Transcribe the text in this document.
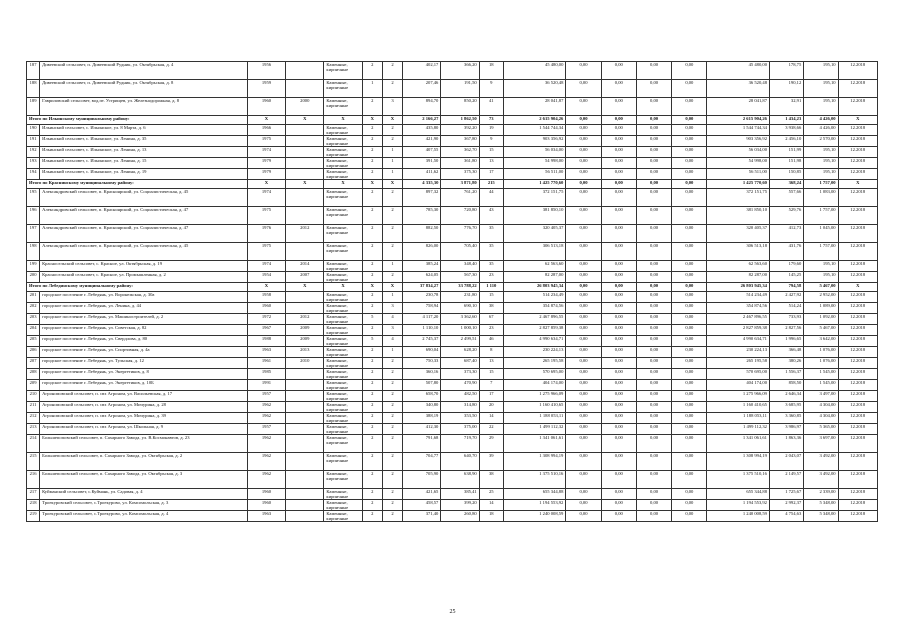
187	Дивеевский сельсовет, п. Дивеевский Рудник, ул. Октябрьская, д. 4	1956		Каменные, кирпичные	2	2	402,17	366,20	18	45 480,00	0,00	0,00	0,00	0,00	45 480,00	178,75	195,10	12.2018
188	Дивеевский сельсовет, п. Дивеевский Рудник, ул. Октябрьская, д. 8	1959		Каменные, кирпичные	1	2	207,46	191,50	9	36 520,48	0,00	0,00	0,00	0,00	36 520,48	190,12	195,10	12.2018
189	Гавриловский сельсовет, вод.пт. Устрищев, ул. Железнодорожная, д. 8	1960	2000	Каменные, кирпичные	2	3	894,70	850,20	41	28 041,87	0,00	0,00	0,00	0,00	28 041,87	32,91	195,10	12.2018
Итого по Ильинскому муниципальному району:		X	X	X	X	X	2 166,27	1 862,50	73	2 615 904,26	0,00	0,00	0,00	0,00	2 615 904,26	1 434,23	4 426,00	X
190	Ильинский сельсовет, с. Ильинское, ул. 8 Марта, д. 6	1966		Каменные, кирпичные	2	2	435,80	392,20	19	1 544 744,34	0,00	0,00	0,00	0,00	1 544 744,34	3 938,66	4 426,00	12.2018
191	Ильинский сельсовет, с. Ильинское, ул. Ленина, д. 35	1975		Каменные, кирпичные	2	2	421,90	367,80	9	903 356,92	0,00	0,00	0,00	0,00	903 356,92	2 456,10	2 570,00	12.2018
192	Ильинский сельсовет, с. Ильинское, ул. Ленина, д. 13	1974		Каменные, кирпичные	2	1	407,55	362,70	15	56 034,00	0,00	0,00	0,00	0,00	56 034,00	151,99	195,10	12.2018
193	Ильинский сельсовет, с. Ильинское, ул. Ленина, д. 15	1979		Каменные, кирпичные	2	1	391,50	361,80	13	54 998,00	0,00	0,00	0,00	0,00	54 998,00	151,98	195,10	12.2018
194	Ильинский сельсовет, с. Ильинское, ул. Ленина, д. 19	1979		Каменные, кирпичные	2	1	411,62	375,30	17	56 511,00	0,00	0,00	0,00	0,00	56 511,00	150,85	195,10	12.2018
Итого по Краснинскому муниципальному району:		X	X	X	X	X	4 335,30	3 871,80	215	1 425 770,60	0,00	0,00	0,00	0,00	1 425 770,60	368,24	1 757,00	X
195	Александровский сельсовет, п. Красноярский, ул. Социалистическая, д. 45	1974		Каменные, кирпичные	2	2	897,32	761,20	44	372 151,75	0,00	0,00	0,00	0,00	372 151,75	557,66	1 083,00	12.2018
196	Александровский сельсовет, п. Красноярский, ул. Социалистическая, д. 47	1975		Каменные, кирпичные	2	2	785,30	720,80	43	381 850,10	0,00	0,00	0,00	0,00	381 850,10	529,76	1 757,00	12.2018
197	Александровский сельсовет, п. Красноярский, ул. Социалистическая, д. 47	1976	2012	Каменные, кирпичные	2	2	882,50	776,70	35	320 405,37	0,00	0,00	0,00	0,00	320 405,37	412,73	1 045,00	12.2018
198	Александровский сельсовет, п. Красноярский, ул. Социалистическая, д. 45	1975		Каменные, кирпичные	2	2	826,00	705,40	35	306 513,18	0,00	0,00	0,00	0,00	306 513,18	431,76	1 757,00	12.2018
199	Красносельский сельсовет, с. Красное, ул. Октябрьская, д. 19	1974	2014	Каменные, кирпичные	2	1	385,24	348,40	35	62 563,60	0,00	0,00	0,00	0,00	62 563,60	179,60	195,10	12.2018
200	Красносельский сельсовет, с. Красное, ул. Промышленная, д. 2	1954	2007	Каменные, кирпичные	2	2	624,05	567,30	23	82 287,00	0,00	0,00	0,00	0,00	82 287,00	145,25	195,10	12.2018
Итого по Лебединскому муниципальному району:		X	X	X	X	X	37 834,27	33 788,22	1 110	26 803 945,34	0,00	0,00	0,00	0,00	26 803 945,34	794,58	5 467,00	X
201	городское поселение г. Лебедянь, ул. Воронежская, д. 30а	1958		Каменные, кирпичные	2	1	230,78	231,80	15	514 234,49	0,00	0,00	0,00	0,00	514 234,49	2 427,92	2 952,00	12.2018
202	городское поселение г. Лебедянь, ул. Ленина, д. 44	1960		Каменные, кирпичные	2	3	758,94	690,10	38	354 874,56	0,00	0,00	0,00	0,00	354 874,56	514,24	1 089,00	12.2018
203	городское поселение г. Лебедянь, ул. Машиностроителей, д. 2	1972	2012	Каменные, кирпичные	5	4	4 117,20	3 362,60	67	2 467 896,55	0,00	0,00	0,00	0,00	2 467 896,55	733,93	1 092,00	12.2018
204	городское поселение г. Лебедянь, ул. Советская, д. 82	1967	2009	Каменные, кирпичные	2	3	1 110,10	1 000,10	23	2 827 859,38	0,00	0,00	0,00	0,00	2 827 859,38	2 827,56	5 467,00	12.2018
205	городское поселение г. Лебедянь, ул. Свердлова, д. 80	1988	2009	Каменные, кирпичные	5	4	2 745,37	2 499,51	46	4 990 634,71	0,00	0,00	0,00	0,00	4 990 634,71	1 996,65	3 642,00	12.2018
206	городское поселение г. Лебедянь, ул. Спортивная, д. 4а	1963	2013	Каменные, кирпичные	2	1	690,04	628,20	8	230 224,13	0,00	0,00	0,00	0,00	230 224,13	366,48	1 076,00	12.2018
207	городское поселение г. Лебедянь, ул. Тульская, д. 12	1961	2010	Каменные, кирпичные	2	2	750,33	687,40	13	265 195,58	0,00	0,00	0,00	0,00	265 195,58	380,26	1 076,00	12.2018
208	городское поселение г. Лебедянь, ул. Энергетиков, д. 8	1985		Каменные, кирпичные	2	2	360,16	373,30	15	570 695,00	0,00	0,00	0,00	0,00	570 695,00	1 556,37	1 545,00	12.2018
209	городское поселение г. Лебедянь, ул. Энергетиков, д. 10Б	1991		Каменные, кирпичные	2	2	507,80	470,90	7	404 174,00	0,00	0,00	0,00	0,00	404 174,00	858,50	1 545,00	12.2018
210	Агрономовский сельсовет, п. свх Агроном, ул. Васильевская, д. 17	1957		Каменные, кирпичные	2	2	658,70	482,50	17	1 275 966,09	0,00	0,00	0,00	0,00	1 275 966,09	2 646,34	3 497,00	12.2018
211	Агрономовский сельсовет, п. свх Агроном, ул. Мичурина, д. 28	1962		Каменные, кирпичные	2	2	340,80	314,80	20	1 160 410,65	0,00	0,00	0,00	0,00	1 160 410,65	3 685,95	4 304,00	12.2018
212	Агрономовский сельсовет, п. свх Агроном, ул. Мичурина, д. 39	1962		Каменные, кирпичные	2	2	388,19	353,50	14	1 188 053,11	0,00	0,00	0,00	0,00	1 188 053,11	3 360,85	4 304,00	12.2018
213	Агрономовский сельсовет, п. свх Агроном, ул. Школьная, д. 9	1957		Каменные, кирпичные	2	2	412,30	375,00	22	1 499 112,32	0,00	0,00	0,00	0,00	1 499 112,32	3 986,97	5 365,00	12.2018
214	Большепоповский сельсовет, п. Сахарного Завода, ул. В.Космонавтов, д. 23	1962		Каменные, кирпичные	2	2	791,68	719,70	29	1 341 061,61	0,00	0,00	0,00	0,00	1 341 061,61	1 863,36	3 697,00	12.2018
215	Большепоповский сельсовет, п. Сахарного Завода, ул. Октябрьская, д. 2	1962		Каменные, кирпичные	2	2	704,77	640,70	39	1 308 994,19	0,00	0,00	0,00	0,00	1 308 994,19	2 043,07	3 492,00	12.2018
216	Большепоповский сельсовет, п. Сахарного Завода, ул. Октябрьская, д. 3	1962		Каменные, кирпичные	2	2	705,90	638,90	38	1 375 510,16	0,00	0,00	0,00	0,00	1 375 510,16	2 149,57	3 492,00	12.2018
217	Куйманский сельсовет, с.Куймань, ул. Садовая, д. 4	1960		Каменные, кирпичные	2	2	421,65	385,41	25	655 344,88	0,00	0,00	0,00	0,00	655 344,88	1 725,67	2 339,00	12.2018
218	Троекуровский сельсовет, с.Троекурово, ул. Комсомольская, д. 3	1960		Каменные, кирпичные	2	2	458,57	399,20	14	1 194 553,92	0,00	0,00	0,00	0,00	1 194 553,92	2 992,37	5 348,00	12.2018
219	Троекуровский сельсовет, с.Троекурово, ул. Комсомольская, д. 4	1963		Каменные, кирпичные	2	2	371,40	260,80	18	1 240 008,59	0,00	0,00	0,00	0,00	1 240 008,59	4 754,63	5 348,00	12.2018
25
